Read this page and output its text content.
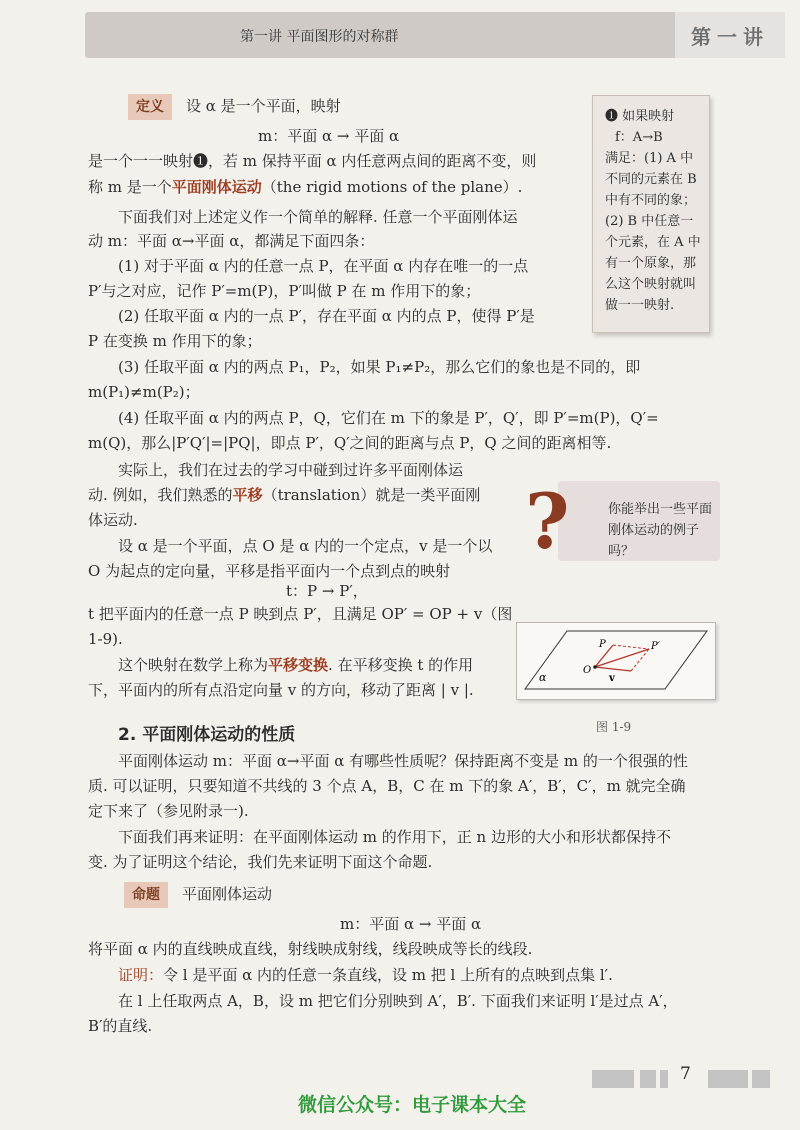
第一讲 平面图形的对称群	第一讲
定义 设 α 是一个平面，映射
m：平面 α → 平面 α
是一个一一映射❶，若 m 保持平面 α 内任意两点间的距离不变，则
称 m 是一个平面刚体运动（the rigid motions of the plane）.
❶ 如果映射
f：A→B
满足：(1) A 中
不同的元素在 B
中有不同的象；
(2) B 中任意一
个元素，在 A 中
有一个原象，那
么这个映射就叫
做一一映射.
下面我们对上述定义作一个简单的解释. 任意一个平面刚体运
动 m：平面 α→平面 α，都满足下面四条：
(1) 对于平面 α 内的任意一点 P，在平面 α 内存在唯一的一点
P′与之对应，记作 P′=m(P)，P′叫做 P 在 m 作用下的象；
(2) 任取平面 α 内的一点 P′，存在平面 α 内的点 P，使得 P′是
P 在变换 m 作用下的象；
(3) 任取平面 α 内的两点 P₁，P₂，如果 P₁≠P₂，那么它们的象也是不同的，即
m(P₁)≠m(P₂)；
(4) 任取平面 α 内的两点 P，Q，它们在 m 下的象是 P′，Q′，即 P′=m(P)，Q′=
m(Q)，那么|P′Q′|=|PQ|，即点 P′，Q′之间的距离与点 P，Q 之间的距离相等.
实际上，我们在过去的学习中碰到过许多平面刚体运
动. 例如，我们熟悉的平移（translation）就是一类平面刚
体运动.
设 α 是一个平面，点 O 是 α 内的一个定点，v 是一个以
O 为起点的定向量，平移是指平面内一个点到点的映射
t：P → P′，
t 把平面内的任意一点 P 映到点 P′，且满足 OP′ = OP + v（图
1-9).
这个映射在数学上称为平移变换. 在平移变换 t 的作用
下，平面内的所有点沿定向量 v 的方向，移动了距离 | v |.
你能举出一些平面
刚体运动的例子吗？
?
P	P′
O
v
α
图 1-9
2. 平面刚体运动的性质
平面刚体运动 m：平面 α→平面 α 有哪些性质呢？保持距离不变是 m 的一个很强的性
质. 可以证明，只要知道不共线的 3 个点 A，B，C 在 m 下的象 A′，B′，C′，m 就完全确
定下来了（参见附录一).
下面我们再来证明：在平面刚体运动 m 的作用下，正 n 边形的大小和形状都保持不
变. 为了证明这个结论，我们先来证明下面这个命题.
命题 平面刚体运动
m：平面 α → 平面 α
将平面 α 内的直线映成直线，射线映成射线，线段映成等长的线段.
证明：令 l 是平面 α 内的任意一条直线，设 m 把 l 上所有的点映到点集 l′.
在 l 上任取两点 A，B，设 m 把它们分别映到 A′，B′. 下面我们来证明 l′是过点 A′，
B′的直线.
7
微信公众号：电子课本大全
